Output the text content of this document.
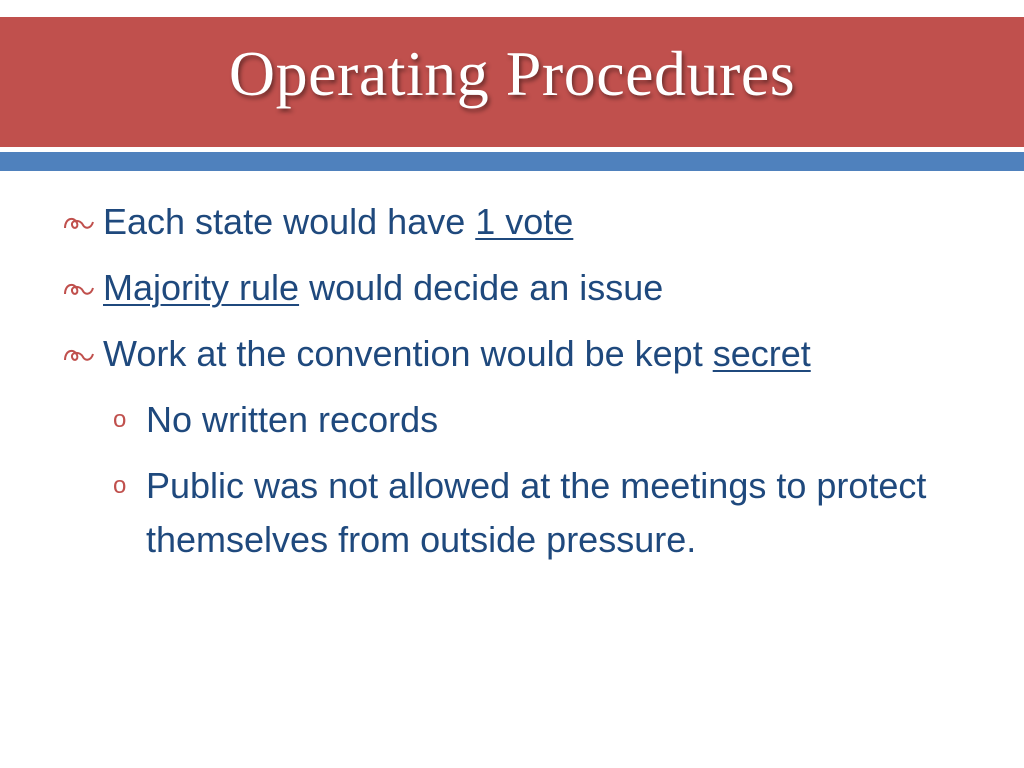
Operating Procedures
Each state would have 1 vote
Majority rule would decide an issue
Work at the convention would be kept secret
o No written records
o Public was not allowed at the meetings to protect themselves from outside pressure.
